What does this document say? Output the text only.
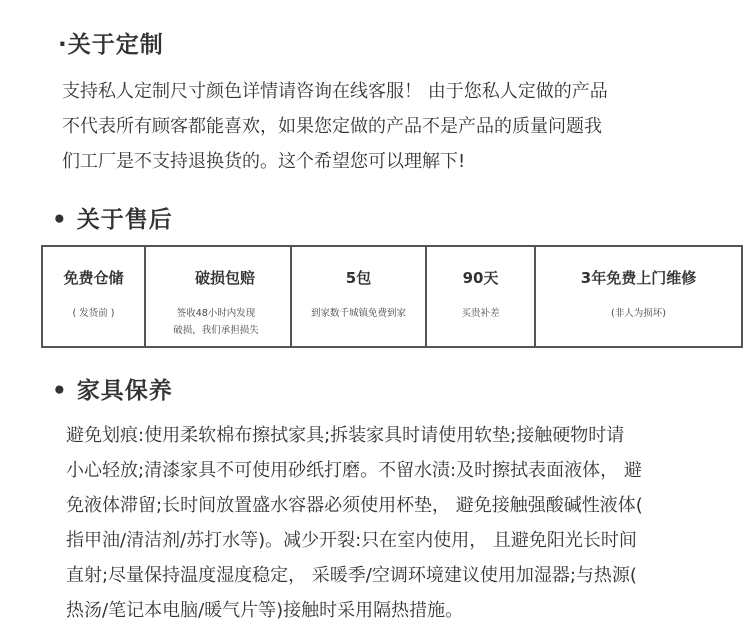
·关于定制
支持私人定制尺寸颜色详情请咨询在线客服！ 由于您私人定做的产品
不代表所有顾客都能喜欢，如果您定做的产品不是产品的质量问题我
们工厂是不支持退换货的。这个希望您可以理解下!
• 关于售后
免费仓储
( 发货前 )
破损包赔
签收48小时内发现
破损，我们承担损失
5包
到家数千城镇免费到家
90天
买贵补差
3年免费上门维修
(非人为损坏)
• 家具保养
避免划痕:使用柔软棉布擦拭家具;拆装家具时请使用软垫;接触硬物时请
小心轻放;清漆家具不可使用砂纸打磨。不留水渍:及时擦拭表面液体， 避
免液体滞留;长时间放置盛水容器必须使用杯垫， 避免接触强酸碱性液体(
指甲油/清洁剂/苏打水等)。减少开裂:只在室内使用， 且避免阳光长时间
直射;尽量保持温度湿度稳定， 采暖季/空调环境建议使用加湿器;与热源(
热汤/笔记本电脑/暖气片等)接触时采用隔热措施。
